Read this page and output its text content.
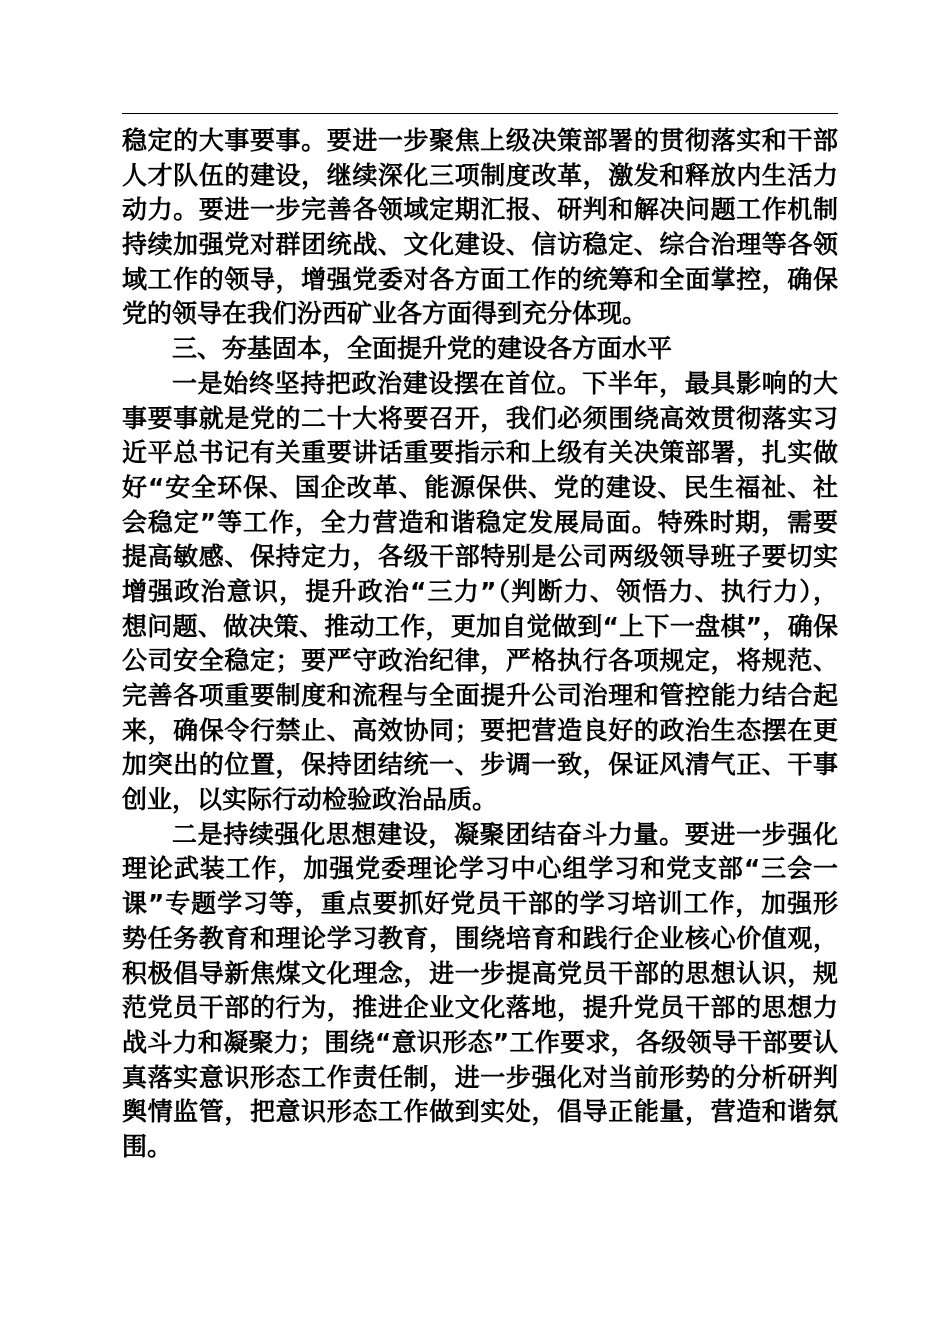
稳定的大事要事。要进一步聚焦上级决策部署的贯彻落实和干部
人才队伍的建设，继续深化三项制度改革，激发和释放内生活力
动力。要进一步完善各领域定期汇报、研判和解决问题工作机制
持续加强党对群团统战、文化建设、信访稳定、综合治理等各领
域工作的领导，增强党委对各方面工作的统筹和全面掌控，确保
党的领导在我们汾西矿业各方面得到充分体现。
三、夯基固本，全面提升党的建设各方面水平
一是始终坚持把政治建设摆在首位。下半年，最具影响的大
事要事就是党的二十大将要召开，我们必须围绕高效贯彻落实习
近平总书记有关重要讲话重要指示和上级有关决策部署，扎实做
好“安全环保、国企改革、能源保供、党的建设、民生福祉、社
会稳定”等工作，全力营造和谐稳定发展局面。特殊时期，需要
提高敏感、保持定力，各级干部特别是公司两级领导班子要切实
增强政治意识，提升政治“三力”（判断力、领悟力、执行力），
想问题、做决策、推动工作，更加自觉做到“上下一盘棋”，确保
公司安全稳定；要严守政治纪律，严格执行各项规定，将规范、
完善各项重要制度和流程与全面提升公司治理和管控能力结合起
来，确保令行禁止、高效协同；要把营造良好的政治生态摆在更
加突出的位置，保持团结统一、步调一致，保证风清气正、干事
创业，以实际行动检验政治品质。
二是持续强化思想建设，凝聚团结奋斗力量。要进一步强化
理论武装工作，加强党委理论学习中心组学习和党支部“三会一
课”专题学习等，重点要抓好党员干部的学习培训工作，加强形
势任务教育和理论学习教育，围绕培育和践行企业核心价值观，
积极倡导新焦煤文化理念，进一步提高党员干部的思想认识，规
范党员干部的行为，推进企业文化落地，提升党员干部的思想力
战斗力和凝聚力；围绕“意识形态”工作要求，各级领导干部要认
真落实意识形态工作责任制，进一步强化对当前形势的分析研判
舆情监管，把意识形态工作做到实处，倡导正能量，营造和谐氛
围。
